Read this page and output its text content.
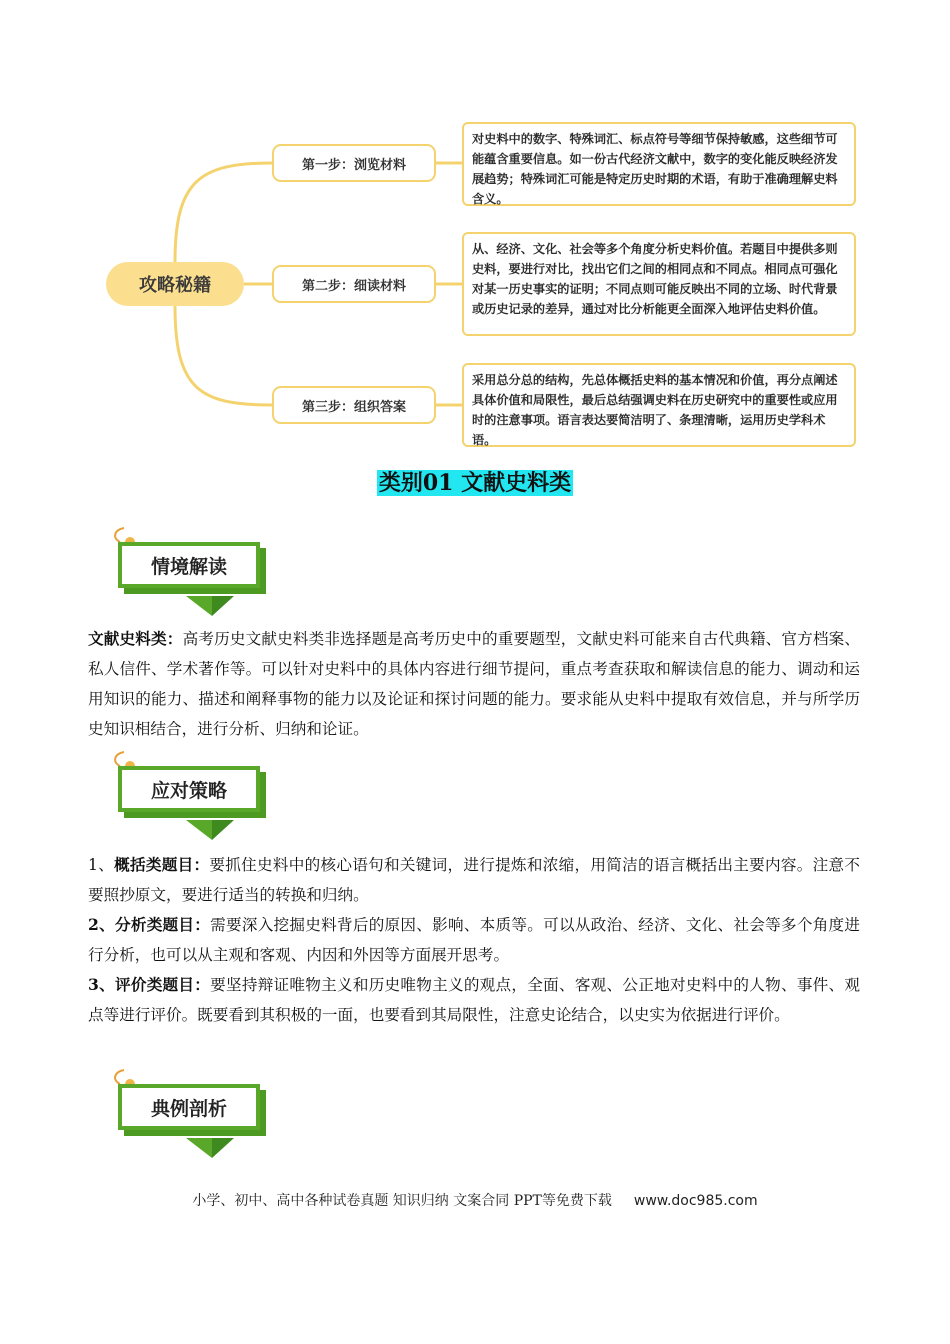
攻略秘籍
第一步：浏览材料
第二步：细读材料
第三步：组织答案
对史料中的数字、特殊词汇、标点符号等细节保持敏感，这些细节可能蕴含重要信息。如一份古代经济文献中，数字的变化能反映经济发展趋势；特殊词汇可能是特定历史时期的术语，有助于准确理解史料含义。
从、经济、文化、社会等多个角度分析史料价值。若题目中提供多则史料，要进行对比，找出它们之间的相同点和不同点。相同点可强化对某一历史事实的证明；不同点则可能反映出不同的立场、时代背景或历史记录的差异，通过对比分析能更全面深入地评估史料价值。
采用总分总的结构，先总体概括史料的基本情况和价值，再分点阐述具体价值和局限性，最后总结强调史料在历史研究中的重要性或应用时的注意事项。语言表达要简洁明了、条理清晰，运用历史学科术语。
类别01 文献史料类
情境解读
文献史料类：高考历史文献史料类非选择题是高考历史中的重要题型，文献史料可能来自古代典籍、官方档案、私人信件、学术著作等。可以针对史料中的具体内容进行细节提问，重点考查获取和解读信息的能力、调动和运用知识的能力、描述和阐释事物的能力以及论证和探讨问题的能力。要求能从史料中提取有效信息，并与所学历史知识相结合，进行分析、归纳和论证。
应对策略

1、概括类题目：要抓住史料中的核心语句和关键词，进行提炼和浓缩，用简洁的语言概括出主要内容。注意不要照抄原文，要进行适当的转换和归纳。

2、分析类题目：需要深入挖掘史料背后的原因、影响、本质等。可以从政治、经济、文化、社会等多个角度进行分析，也可以从主观和客观、内因和外因等方面展开思考。

3、评价类题目：要坚持辩证唯物主义和历史唯物主义的观点，全面、客观、公正地对史料中的人物、事件、观点等进行评价。既要看到其积极的一面，也要看到其局限性，注意史论结合，以史实为依据进行评价。

典例剖析
小学、初中、高中各种试卷真题 知识归纳 文案合同 PPT等免费下载 www.doc985.com
